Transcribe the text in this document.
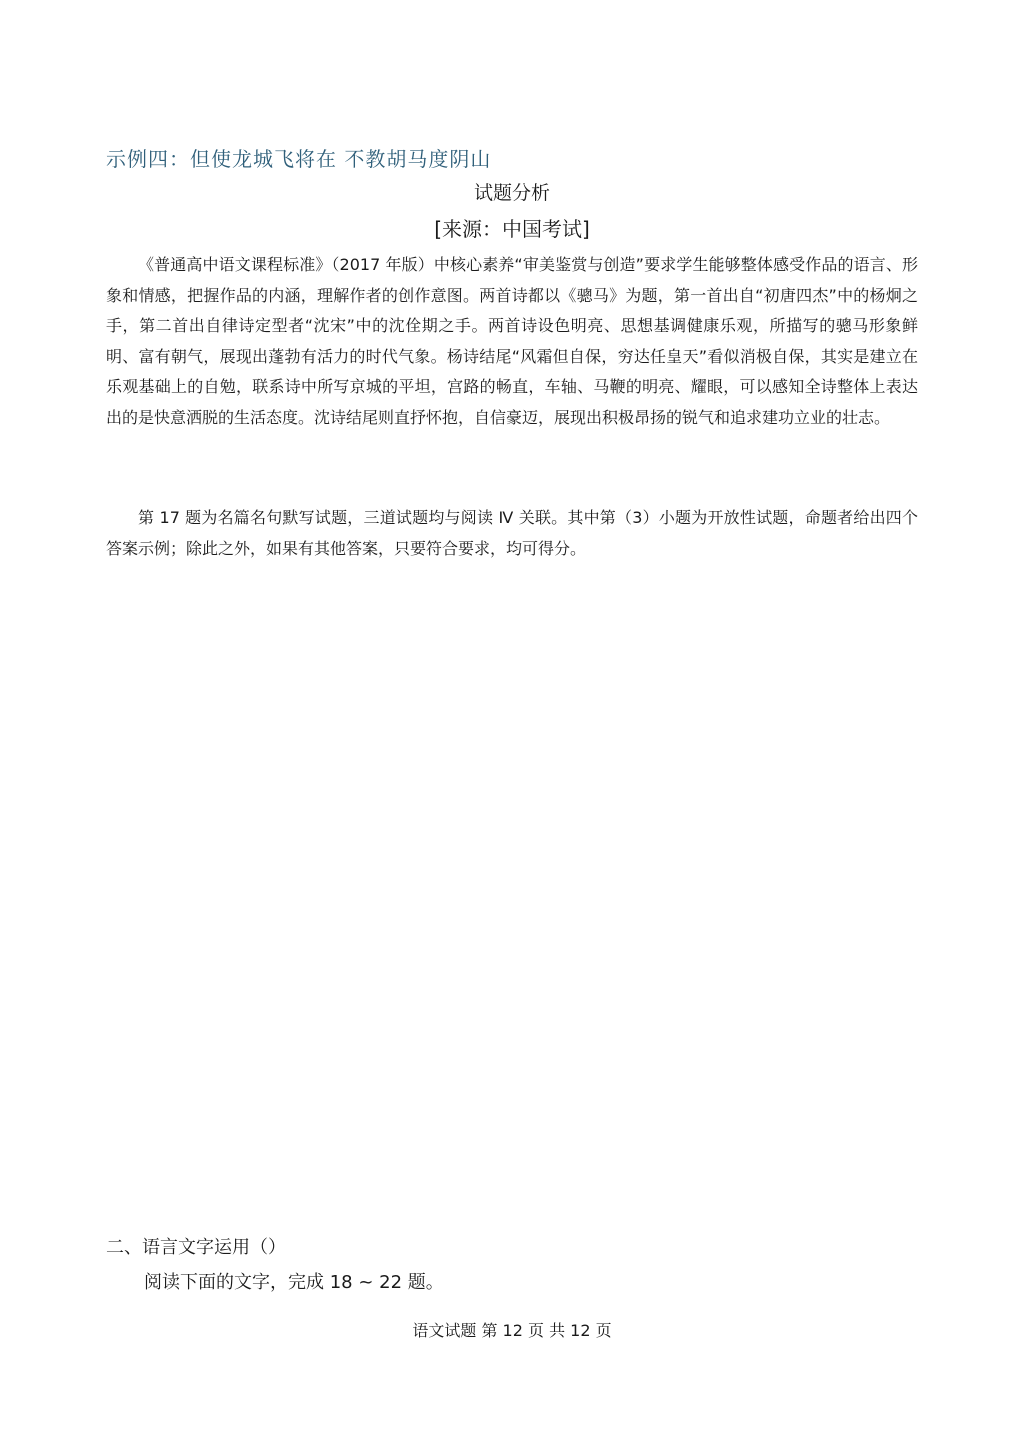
示例四：但使龙城飞将在 不教胡马度阴山
试题分析
[来源：中国考试]

《普通高中语文课程标准》（2017 年版）中核心素养“审美鉴赏与创造”要求学生能够整体感受作品的语言、形象和情感，把握作品的内涵，理解作者的创作意图。两首诗都以《骢马》为题，第一首出自“初唐四杰”中的杨炯之手，第二首出自律诗定型者“沈宋”中的沈佺期之手。两首诗设色明亮、思想基调健康乐观，所描写的骢马形象鲜明、富有朝气，展现出蓬勃有活力的时代气象。杨诗结尾“风霜但自保，穷达任皇天”看似消极自保，其实是建立在乐观基础上的自勉，联系诗中所写京城的平坦，宫路的畅直，车轴、马鞭的明亮、耀眼，可以感知全诗整体上表达出的是快意洒脱的生活态度。沈诗结尾则直抒怀抱，自信豪迈，展现出积极昂扬的锐气和追求建功立业的壮志。

第 17 题为名篇名句默写试题，三道试题均与阅读 Ⅳ 关联。其中第（3）小题为开放性试题，命题者给出四个答案示例；除此之外，如果有其他答案，只要符合要求，均可得分。

二、语言文字运用（）
阅读下面的文字，完成 18 ~ 22 题。
语文试题 第 12 页 共 12 页
